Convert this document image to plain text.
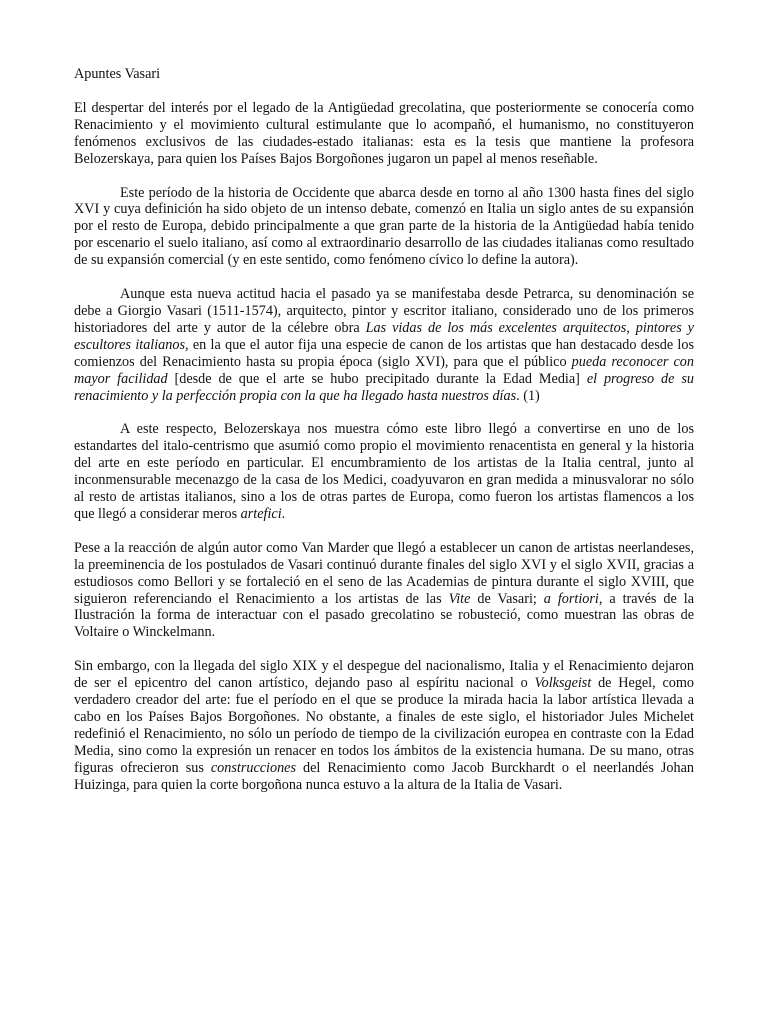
Apuntes Vasari

El despertar del interés por el legado de la Antigüedad grecolatina, que posteriormente se conocería como Renacimiento y el movimiento cultural estimulante que lo acompañó, el humanismo, no constituyeron fenómenos exclusivos de las ciudades-estado italianas: esta es la tesis que mantiene la profesora Belozerskaya, para quien los Países Bajos Borgoñones jugaron un papel al menos reseñable.

Este período de la historia de Occidente que abarca desde en torno al año 1300 hasta fines del siglo XVI y cuya definición ha sido objeto de un intenso debate, comenzó en Italia un siglo antes de su expansión por el resto de Europa, debido principalmente a que gran parte de la historia de la Antigüedad había tenido por escenario el suelo italiano, así como al extraordinario desarrollo de las ciudades italianas como resultado de su expansión comercial (y en este sentido, como fenómeno cívico lo define la autora).

Aunque esta nueva actitud hacia el pasado ya se manifestaba desde Petrarca, su denominación se debe a Giorgio Vasari (1511-1574), arquitecto, pintor y escritor italiano, considerado uno de los primeros historiadores del arte y autor de la célebre obra Las vidas de los más excelentes arquitectos, pintores y escultores italianos, en la que el autor fija una especie de canon de los artistas que han destacado desde los comienzos del Renacimiento hasta su propia época (siglo XVI), para que el público pueda reconocer con mayor facilidad [desde de que el arte se hubo precipitado durante la Edad Media] el progreso de su renacimiento y la perfección propia con la que ha llegado hasta nuestros días. (1)

A este respecto, Belozerskaya nos muestra cómo este libro llegó a convertirse en uno de los estandartes del italo-centrismo que asumió como propio el movimiento renacentista en general y la historia del arte en este período en particular. El encumbramiento de los artistas de la Italia central, junto al inconmensurable mecenazgo de la casa de los Medici, coadyuvaron en gran medida a minusvalorar no sólo al resto de artistas italianos, sino a los de otras partes de Europa, como fueron los artistas flamencos a los que llegó a considerar meros artefici.

Pese a la reacción de algún autor como Van Marder que llegó a establecer un canon de artistas neerlandeses, la preeminencia de los postulados de Vasari continuó durante finales del siglo XVI y el siglo XVII, gracias a estudiosos como Bellori y se fortaleció en el seno de las Academias de pintura durante el siglo XVIII, que siguieron referenciando el Renacimiento a los artistas de las Vite de Vasari; a fortiori, a través de la Ilustración la forma de interactuar con el pasado grecolatino se robusteció, como muestran las obras de Voltaire o Winckelmann.

Sin embargo, con la llegada del siglo XIX y el despegue del nacionalismo, Italia y el Renacimiento dejaron de ser el epicentro del canon artístico, dejando paso al espíritu nacional o Volksgeist de Hegel, como verdadero creador del arte: fue el período en el que se produce la mirada hacia la labor artística llevada a cabo en los Países Bajos Borgoñones. No obstante, a finales de este siglo, el historiador Jules Michelet redefinió el Renacimiento, no sólo un período de tiempo de la civilización europea en contraste con la Edad Media, sino como la expresión un renacer en todos los ámbitos de la existencia humana. De su mano, otras figuras ofrecieron sus construcciones del Renacimiento como Jacob Burckhardt o el neerlandés Johan Huizinga, para quien la corte borgoñona nunca estuvo a la altura de la Italia de Vasari.
